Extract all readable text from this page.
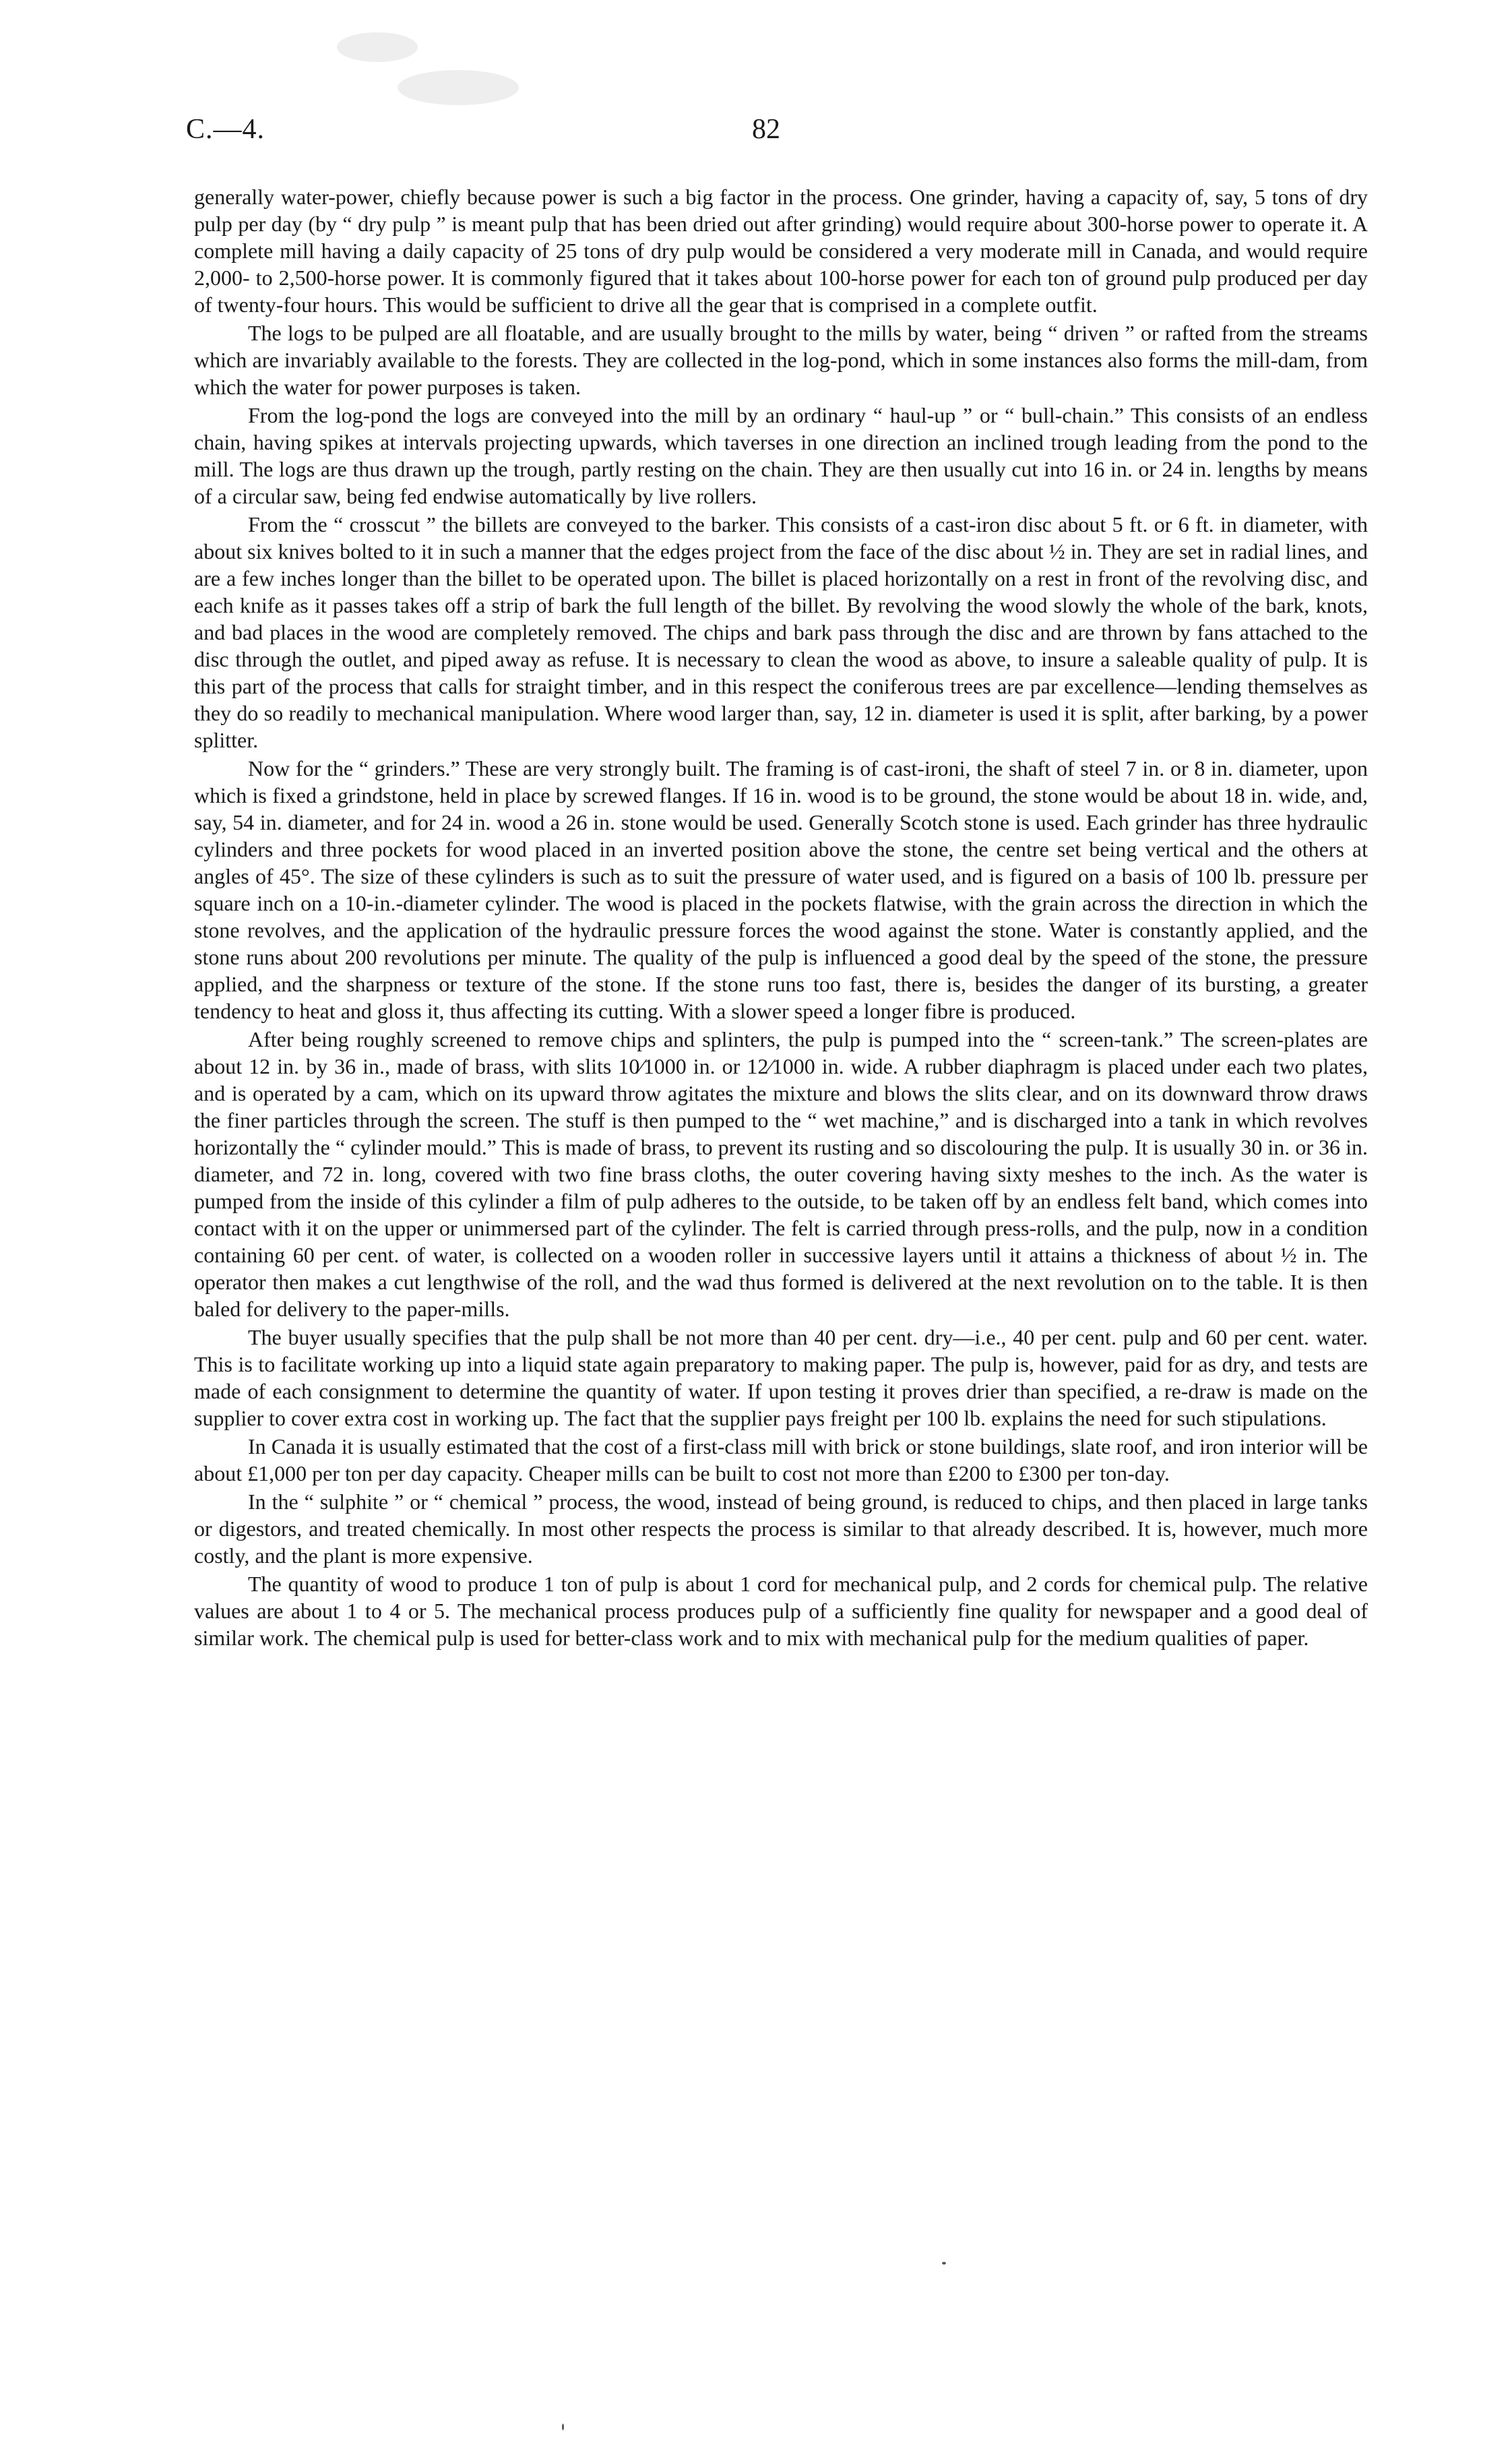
C.—4.	82

generally water-power, chiefly because power is such a big factor in the process. One grinder, having a capacity of, say, 5 tons of dry pulp per day (by “ dry pulp ” is meant pulp that has been dried out after grinding) would require about 300-horse power to operate it. A complete mill having a daily capacity of 25 tons of dry pulp would be considered a very moderate mill in Canada, and would require 2,000- to 2,500-horse power. It is commonly figured that it takes about 100-horse power for each ton of ground pulp produced per day of twenty-four hours. This would be sufficient to drive all the gear that is comprised in a complete outfit.

The logs to be pulped are all floatable, and are usually brought to the mills by water, being “ driven ” or rafted from the streams which are invariably available to the forests. They are collected in the log-pond, which in some instances also forms the mill-dam, from which the water for power purposes is taken.

From the log-pond the logs are conveyed into the mill by an ordinary “ haul-up ” or “ bull-chain.” This consists of an endless chain, having spikes at intervals projecting upwards, which taverses in one direction an inclined trough leading from the pond to the mill. The logs are thus drawn up the trough, partly resting on the chain. They are then usually cut into 16 in. or 24 in. lengths by means of a circular saw, being fed endwise automatically by live rollers.

From the “ crosscut ” the billets are conveyed to the barker. This consists of a cast-iron disc about 5 ft. or 6 ft. in diameter, with about six knives bolted to it in such a manner that the edges project from the face of the disc about ½ in. They are set in radial lines, and are a few inches longer than the billet to be operated upon. The billet is placed horizontally on a rest in front of the revolving disc, and each knife as it passes takes off a strip of bark the full length of the billet. By revolving the wood slowly the whole of the bark, knots, and bad places in the wood are completely removed. The chips and bark pass through the disc and are thrown by fans attached to the disc through the outlet, and piped away as refuse. It is necessary to clean the wood as above, to insure a saleable quality of pulp. It is this part of the process that calls for straight timber, and in this respect the coniferous trees are par excellence—lending themselves as they do so readily to mechanical manipulation. Where wood larger than, say, 12 in. diameter is used it is split, after barking, by a power splitter.

Now for the “ grinders.” These are very strongly built. The framing is of cast-ironi, the shaft of steel 7 in. or 8 in. diameter, upon which is fixed a grindstone, held in place by screwed flanges. If 16 in. wood is to be ground, the stone would be about 18 in. wide, and, say, 54 in. diameter, and for 24 in. wood a 26 in. stone would be used. Generally Scotch stone is used. Each grinder has three hydraulic cylinders and three pockets for wood placed in an inverted position above the stone, the centre set being vertical and the others at angles of 45°. The size of these cylinders is such as to suit the pressure of water used, and is figured on a basis of 100 lb. pressure per square inch on a 10-in.-diameter cylinder. The wood is placed in the pockets flatwise, with the grain across the direction in which the stone revolves, and the application of the hydraulic pressure forces the wood against the stone. Water is constantly applied, and the stone runs about 200 revolutions per minute. The quality of the pulp is influenced a good deal by the speed of the stone, the pressure applied, and the sharpness or texture of the stone. If the stone runs too fast, there is, besides the danger of its bursting, a greater tendency to heat and gloss it, thus affecting its cutting. With a slower speed a longer fibre is produced.

After being roughly screened to remove chips and splinters, the pulp is pumped into the “ screen-tank.” The screen-plates are about 12 in. by 36 in., made of brass, with slits 10⁄1000 in. or 12⁄1000 in. wide. A rubber diaphragm is placed under each two plates, and is operated by a cam, which on its upward throw agitates the mixture and blows the slits clear, and on its downward throw draws the finer particles through the screen. The stuff is then pumped to the “ wet machine,” and is discharged into a tank in which revolves horizontally the “ cylinder mould.” This is made of brass, to prevent its rusting and so discolouring the pulp. It is usually 30 in. or 36 in. diameter, and 72 in. long, covered with two fine brass cloths, the outer covering having sixty meshes to the inch. As the water is pumped from the inside of this cylinder a film of pulp adheres to the outside, to be taken off by an endless felt band, which comes into contact with it on the upper or unimmersed part of the cylinder. The felt is carried through press-rolls, and the pulp, now in a condition containing 60 per cent. of water, is collected on a wooden roller in successive layers until it attains a thickness of about ½ in. The operator then makes a cut lengthwise of the roll, and the wad thus formed is delivered at the next revolution on to the table. It is then baled for delivery to the paper-mills.

The buyer usually specifies that the pulp shall be not more than 40 per cent. dry—i.e., 40 per cent. pulp and 60 per cent. water. This is to facilitate working up into a liquid state again preparatory to making paper. The pulp is, however, paid for as dry, and tests are made of each consignment to determine the quantity of water. If upon testing it proves drier than specified, a re-draw is made on the supplier to cover extra cost in working up. The fact that the supplier pays freight per 100 lb. explains the need for such stipulations.

In Canada it is usually estimated that the cost of a first-class mill with brick or stone buildings, slate roof, and iron interior will be about £1,000 per ton per day capacity. Cheaper mills can be built to cost not more than £200 to £300 per ton-day.

In the “ sulphite ” or “ chemical ” process, the wood, instead of being ground, is reduced to chips, and then placed in large tanks or digestors, and treated chemically. In most other respects the process is similar to that already described. It is, however, much more costly, and the plant is more expensive.

The quantity of wood to produce 1 ton of pulp is about 1 cord for mechanical pulp, and 2 cords for chemical pulp. The relative values are about 1 to 4 or 5. The mechanical process produces pulp of a sufficiently fine quality for newspaper and a good deal of similar work. The chemical pulp is used for better-class work and to mix with mechanical pulp for the medium qualities of paper.
